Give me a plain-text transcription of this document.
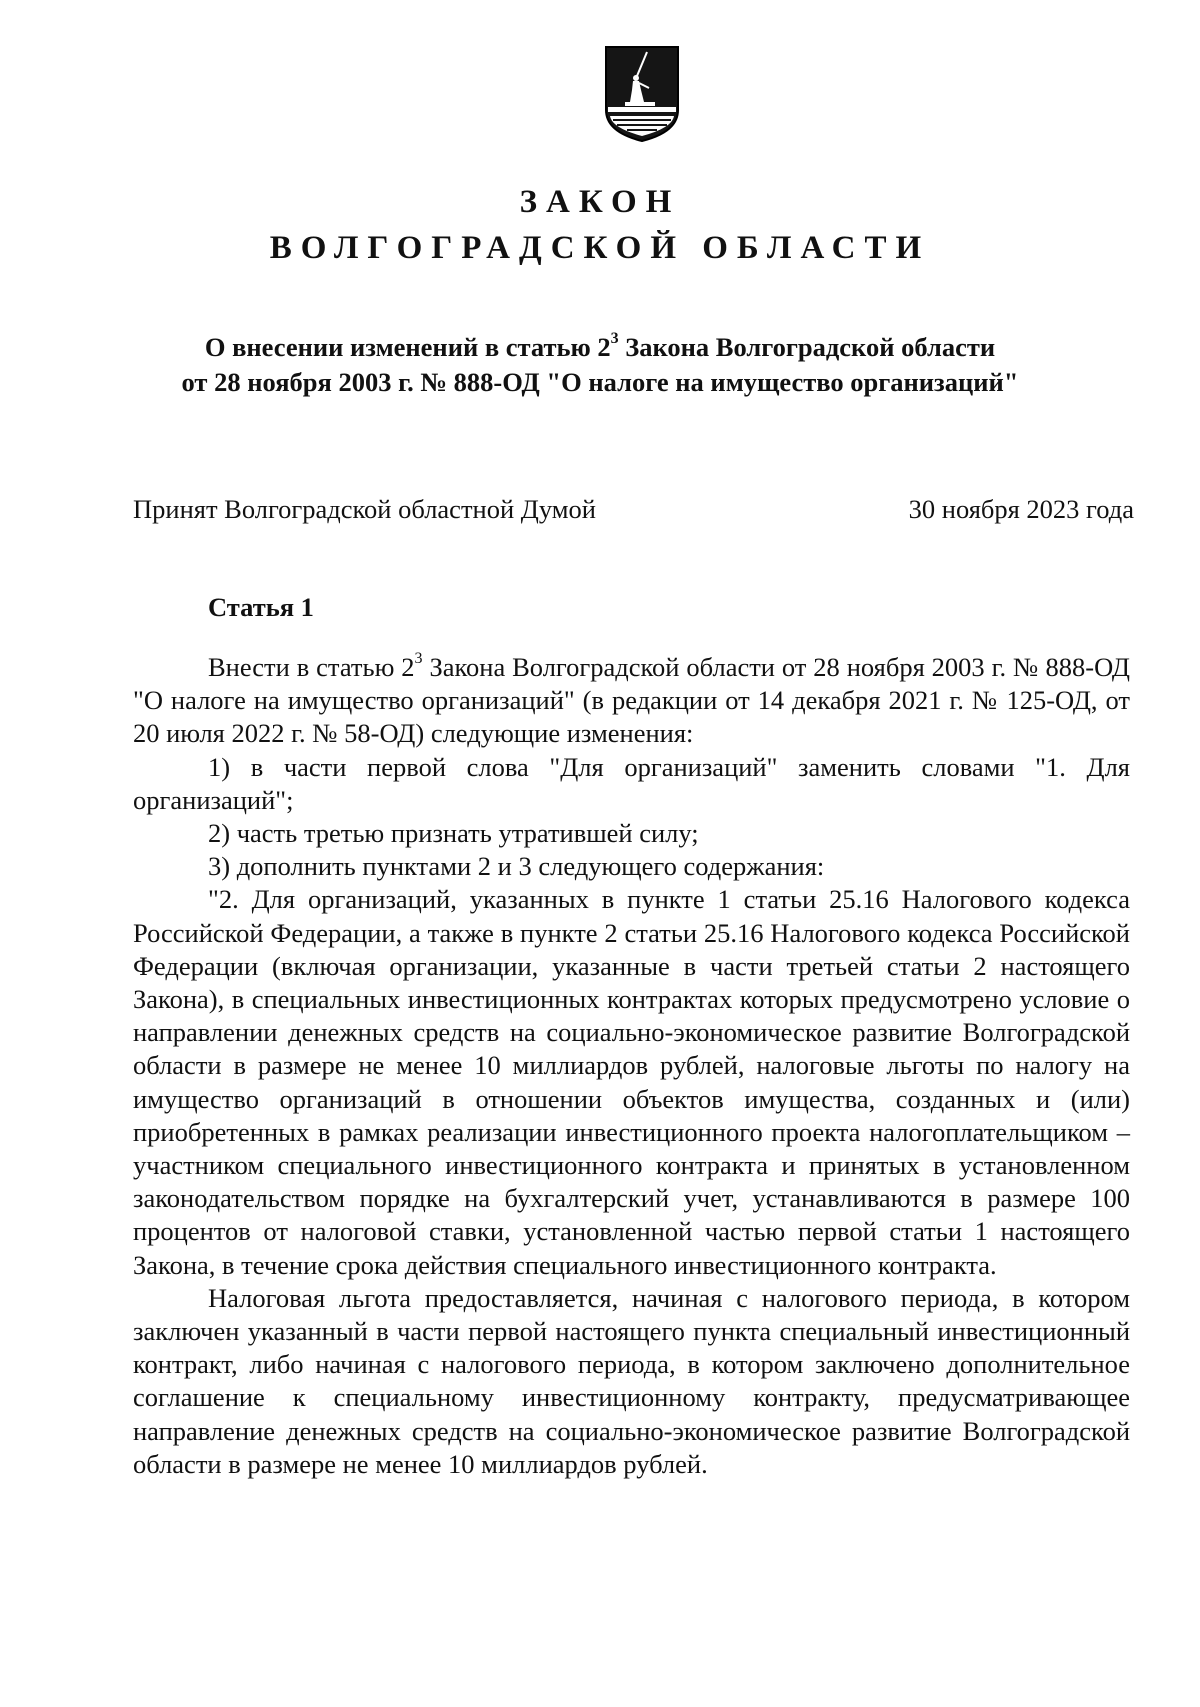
ЗАКОН
ВОЛГОГРАДСКОЙ ОБЛАСТИ
О внесении изменений в статью $2^3$ Закона Волгоградской области
от 28 ноября 2003 г. № 888-ОД "О налоге на имущество организаций"
Принят Волгоградской областной Думой	30 ноября 2023 года
Статья 1

Внести в статью $2^3$ Закона Волгоградской области от 28 ноября 2003 г. № 888-ОД "О налоге на имущество организаций" (в редакции от 14 декабря 2021 г. № 125-ОД, от 20 июля 2022 г. № 58-ОД) следующие изменения:

1) в части первой слова "Для организаций" заменить словами "1. Для организаций";

2) часть третью признать утратившей силу;

3) дополнить пунктами 2 и 3 следующего содержания:

"2. Для организаций, указанных в пункте 1 статьи 25.16 Налогового кодекса Российской Федерации, а также в пункте 2 статьи 25.16 Налогового кодекса Российской Федерации (включая организации, указанные в части третьей статьи 2 настоящего Закона), в специальных инвестиционных контрактах которых предусмотрено условие о направлении денежных средств на социально-экономическое развитие Волгоградской области в размере не менее 10 миллиардов рублей, налоговые льготы по налогу на имущество организаций в отношении объектов имущества, созданных и (или) приобретенных в рамках реализации инвестиционного проекта налогоплательщиком – участником специального инвестиционного контракта и принятых в установленном законодательством порядке на бухгалтерский учет, устанавливаются в размере 100 процентов от налоговой ставки, установленной частью первой статьи 1 настоящего Закона, в течение срока действия специального инвестиционного контракта.

Налоговая льгота предоставляется, начиная с налогового периода, в котором заключен указанный в части первой настоящего пункта специальный инвестиционный контракт, либо начиная с налогового периода, в котором заключено дополнительное соглашение к специальному инвестиционному контракту, предусматривающее направление денежных средств на социально-экономическое развитие Волгоградской области в размере не менее 10 миллиардов рублей.
